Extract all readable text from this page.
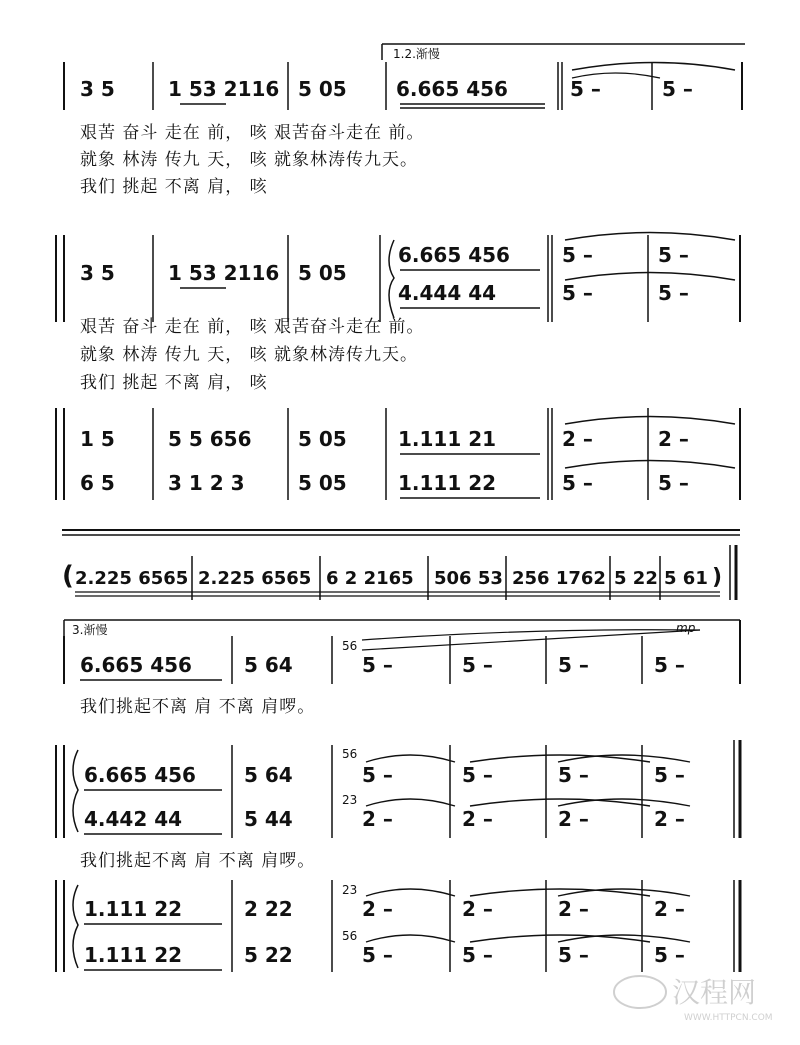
1.2.渐慢
3 5	1 53 2116 5 05 6.665 456	5 –	5 –
艰苦 奋斗 走在 前， 咳 艰苦奋斗走在 前。
就象 林涛 传九 天， 咳 就象林涛传九天。
我们 挑起 不离 肩， 咳
3 5	1 53 2116 5 05
6.665 456	5 –	5 –
4.444 44	5 –	5 –
艰苦 奋斗 走在 前， 咳 艰苦奋斗走在 前。
就象 林涛 传九 天， 咳 就象林涛传九天。
我们 挑起 不离 肩， 咳
1 5	5 5 656 5 05	1.111 21	2 –	2 –
6 5	3 1 2 3	5 05	1.111 22	5 –	5 –
( 2.225 6565 2.225 6565 6 2 2165 506 53 256 1762 5 22 5 61 )
3.渐慢
6.665 456	5 64
56
5 –	5 –	5 –	5 –
mp
我们挑起不离 肩 不离 肩啰。
6.665 456 5 64
56
5 –	5 –	5 –	5 –
4.442 44	5 44
23
2 –	2 –	2 –	2 –
我们挑起不离 肩 不离 肩啰。
1.111 22	2 22
23
2 –	2 –	2 –	2 –
1.111 22	5 22
56
5 –	5 –	5 –	5 –
汉程网
WWW.HTTPCN.COM
